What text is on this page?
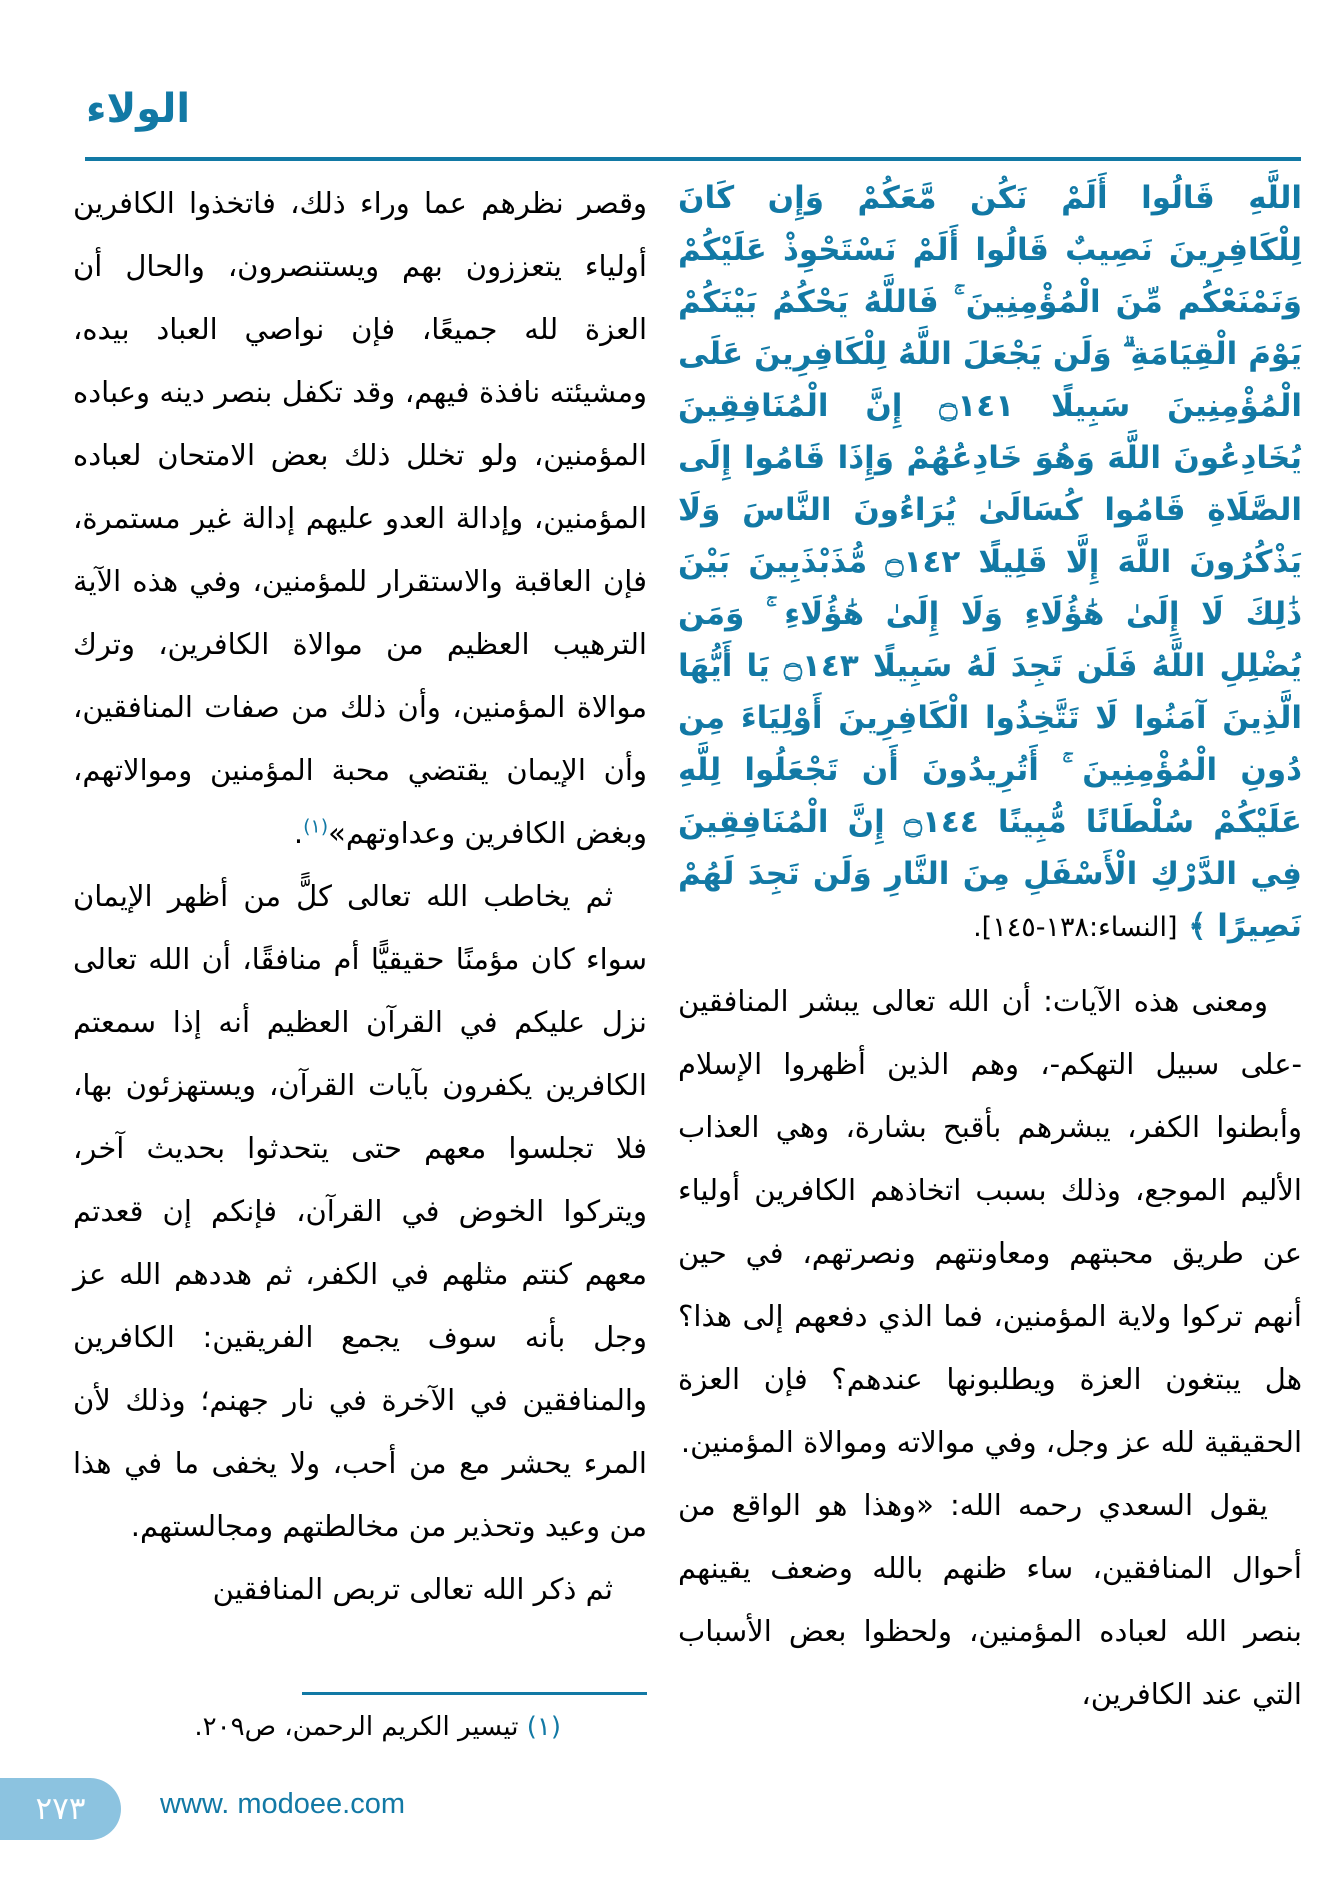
الولاء

اللَّهِ قَالُوا أَلَمْ نَكُن مَّعَكُمْ وَإِن كَانَ لِلْكَافِرِينَ نَصِيبٌ قَالُوا أَلَمْ نَسْتَحْوِذْ عَلَيْكُمْ وَنَمْنَعْكُم مِّنَ الْمُؤْمِنِينَ ۚ فَاللَّهُ يَحْكُمُ بَيْنَكُمْ يَوْمَ الْقِيَامَةِ ۗ وَلَن يَجْعَلَ اللَّهُ لِلْكَافِرِينَ عَلَى الْمُؤْمِنِينَ سَبِيلًا ۝١٤١ إِنَّ الْمُنَافِقِينَ يُخَادِعُونَ اللَّهَ وَهُوَ خَادِعُهُمْ وَإِذَا قَامُوا إِلَى الصَّلَاةِ قَامُوا كُسَالَىٰ يُرَاءُونَ النَّاسَ وَلَا يَذْكُرُونَ اللَّهَ إِلَّا قَلِيلًا ۝١٤٢ مُّذَبْذَبِينَ بَيْنَ ذَٰلِكَ لَا إِلَىٰ هَٰؤُلَاءِ وَلَا إِلَىٰ هَٰؤُلَاءِ ۚ وَمَن يُضْلِلِ اللَّهُ فَلَن تَجِدَ لَهُ سَبِيلًا ۝١٤٣ يَا أَيُّهَا الَّذِينَ آمَنُوا لَا تَتَّخِذُوا الْكَافِرِينَ أَوْلِيَاءَ مِن دُونِ الْمُؤْمِنِينَ ۚ أَتُرِيدُونَ أَن تَجْعَلُوا لِلَّهِ عَلَيْكُمْ سُلْطَانًا مُّبِينًا ۝١٤٤ إِنَّ الْمُنَافِقِينَ فِي الدَّرْكِ الْأَسْفَلِ مِنَ النَّارِ وَلَن تَجِدَ لَهُمْ نَصِيرًا ﴾ [النساء:١٣٨-١٤٥].

ومعنى هذه الآيات: أن الله تعالى يبشر المنافقين -على سبيل التهكم-، وهم الذين أظهروا الإسلام وأبطنوا الكفر، يبشرهم بأقبح بشارة، وهي العذاب الأليم الموجع، وذلك بسبب اتخاذهم الكافرين أولياء عن طريق محبتهم ومعاونتهم ونصرتهم، في حين أنهم تركوا ولاية المؤمنين، فما الذي دفعهم إلى هذا؟ هل يبتغون العزة ويطلبونها عندهم؟ فإن العزة الحقيقية لله عز وجل، وفي موالاته وموالاة المؤمنين.

يقول السعدي رحمه الله: «وهذا هو الواقع من أحوال المنافقين، ساء ظنهم بالله وضعف يقينهم بنصر الله لعباده المؤمنين، ولحظوا بعض الأسباب التي عند الكافرين،

وقصر نظرهم عما وراء ذلك، فاتخذوا الكافرين أولياء يتعززون بهم ويستنصرون، والحال أن العزة لله جميعًا، فإن نواصي العباد بيده، ومشيئته نافذة فيهم، وقد تكفل بنصر دينه وعباده المؤمنين، ولو تخلل ذلك بعض الامتحان لعباده المؤمنين، وإدالة العدو عليهم إدالة غير مستمرة، فإن العاقبة والاستقرار للمؤمنين، وفي هذه الآية الترهيب العظيم من موالاة الكافرين، وترك موالاة المؤمنين، وأن ذلك من صفات المنافقين، وأن الإيمان يقتضي محبة المؤمنين وموالاتهم، وبغض الكافرين وعداوتهم»$^{(١)}$.

ثم يخاطب الله تعالى كلًّ من أظهر الإيمان سواء كان مؤمنًا حقيقيًّا أم منافقًا، أن الله تعالى نزل عليكم في القرآن العظيم أنه إذا سمعتم الكافرين يكفرون بآيات القرآن، ويستهزئون بها، فلا تجلسوا معهم حتى يتحدثوا بحديث آخر، ويتركوا الخوض في القرآن، فإنكم إن قعدتم معهم كنتم مثلهم في الكفر، ثم هددهم الله عز وجل بأنه سوف يجمع الفريقين: الكافرين والمنافقين في الآخرة في نار جهنم؛ وذلك لأن المرء يحشر مع من أحب، ولا يخفى ما في هذا من وعيد وتحذير من مخالطتهم ومجالستهم.

ثم ذكر الله تعالى تربص المنافقين

(١) تيسير الكريم الرحمن، ص٢٠٩.

٢٧٣	www. modoee.com
